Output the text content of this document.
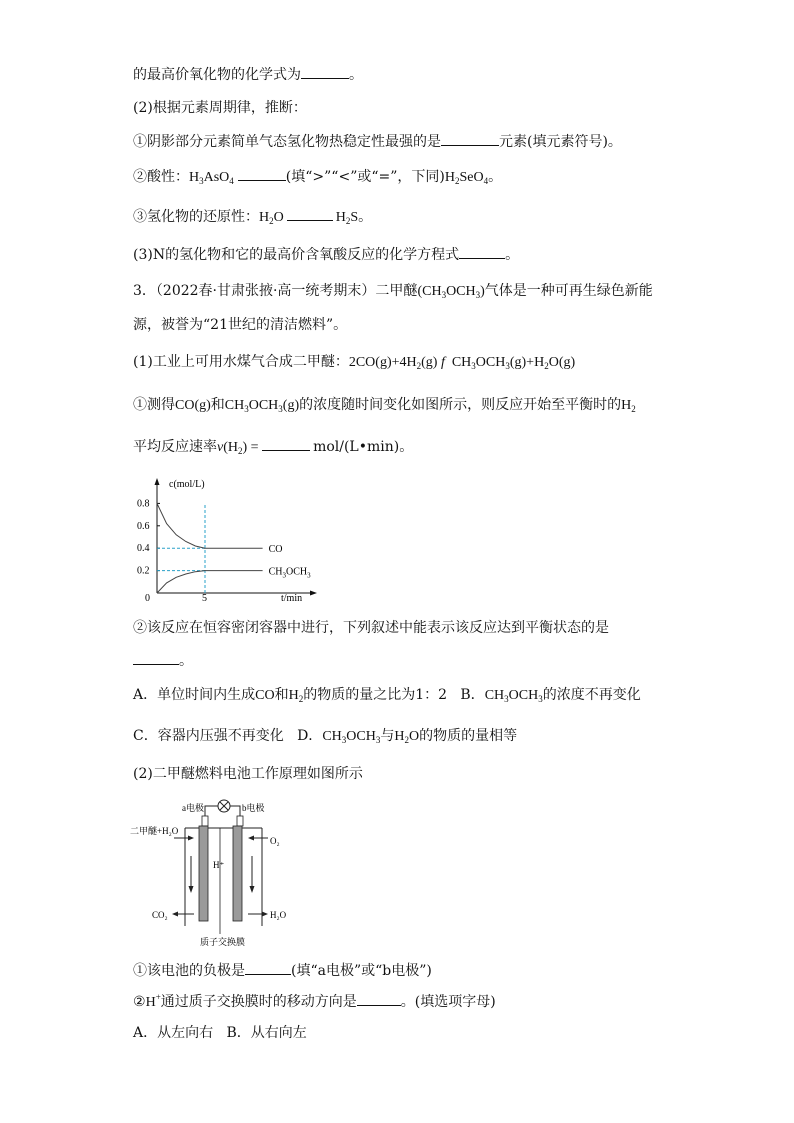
的最高价氧化物的化学式为	。
(2)根据元素周期律，推断：
①阴影部分元素简单气态氢化物热稳定性最强的是	元素(填元素符号)。
②酸性：$H_3AsO_4$	(填“>”“<”或“=”，下同)$H_2SeO_4$。
③氢化物的还原性：$H_2O$	$H_2S$。
(3)N的氢化物和它的最高价含氧酸反应的化学方程式	。
3．（2022春·甘肃张掖·高一统考期末）二甲醚$(CH_3OCH_3)$气体是一种可再生绿色新能
源，被誉为“21世纪的清洁燃料”。
(1)工业上可用水煤气合成二甲醚：$2CO(g)+4H_2(g)$ f  $CH_3OCH_3(g)+H_2O(g)$
①测得CO(g)和$CH_3OCH_3(g)$的浓度随时间变化如图所示，则反应开始至平衡时的$H_2$
平均反应速率$v(H_2)$ =	mol/(L•min)。
c(mol/L)
t/min
0.8
0.6
0.4
0.2
0	5
CO
$CH_3OCH_3$
②该反应在恒容密闭容器中进行，下列叙述中能表示该反应达到平衡状态的是
。
A．单位时间内生成CO和$H_2$的物质的量之比为1：2 B．$CH_3OCH_3$的浓度不再变化
C．容器内压强不再变化 D．$CH_3OCH_3$与$H_2O$的物质的量相等
(2)二甲醚燃料电池工作原理如图所示
a电极	b电极
H⁺
二甲醚+H₂O
O₂
CO₂	H₂O
质子交换膜
①该电池的负极是	(填“a电极”或“b电极”)
②H+通过质子交换膜时的移动方向是	。(填选项字母)
A．从左向右 B．从右向左
